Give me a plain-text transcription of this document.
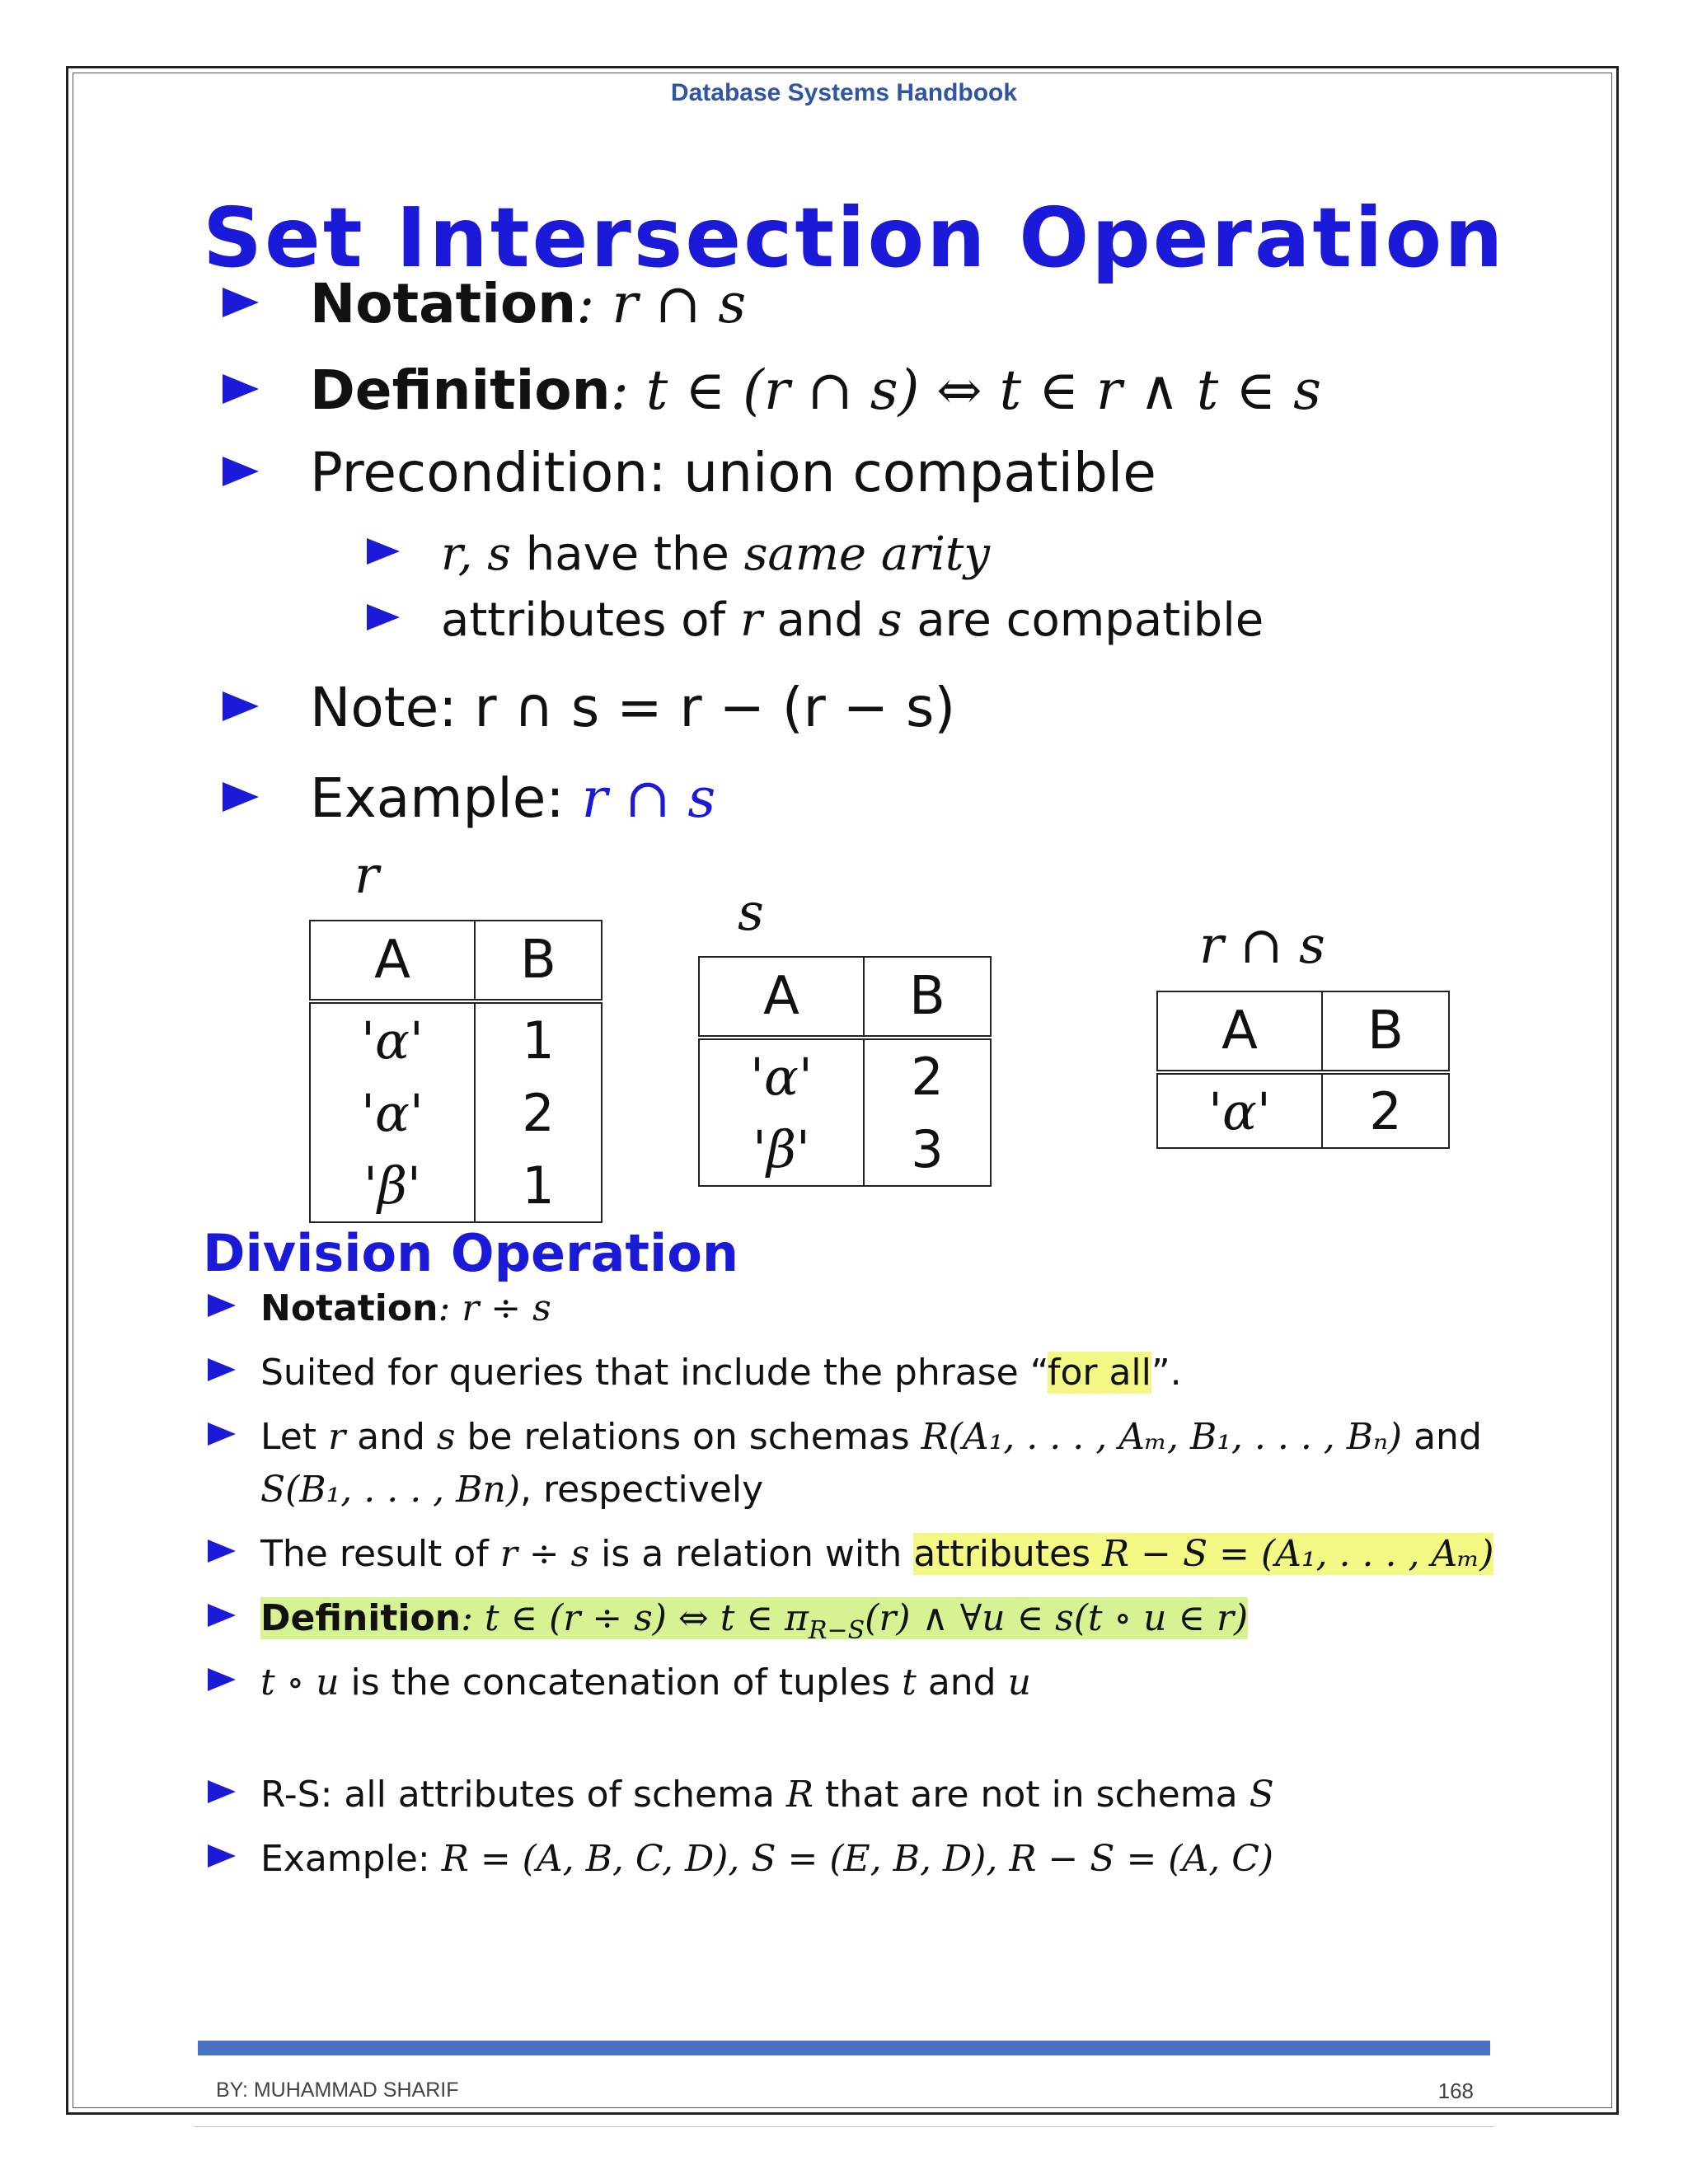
Database Systems Handbook
Set Intersection Operation
Notation: r ∩ s
Definition: t ∈ (r ∩ s) ⇔ t ∈ r ∧ t ∈ s
Precondition: union compatible
r, s have the same arity
attributes of r and s are compatible
Note: r ∩ s = r − (r − s)
Example: r ∩ s
r
A	B
'α'	1
'α'	2
'β'	1
s
A	B
'α'	2
'β'	3
r ∩ s
A	B
'α'	2
Division Operation
Notation: r ÷ s
Suited for queries that include the phrase “for all”.
Let r and s be relations on schemas R(A₁, . . . , Aₘ, B₁, . . . , Bₙ) and
S(B₁, . . . , Bn), respectively
The result of r ÷ s is a relation with attributes R − S = (A₁, . . . , Aₘ)
Definition: t ∈ (r ÷ s) ⇔ t ∈ $\pi_{R-S}(r)$ ∧ ∀u ∈ s(t ∘ u ∈ r)
t ∘ u is the concatenation of tuples t and u
R-S: all attributes of schema R that are not in schema S
Example: R = (A, B, C, D), S = (E, B, D), R − S = (A, C)
BY: MUHAMMAD SHARIF	168
